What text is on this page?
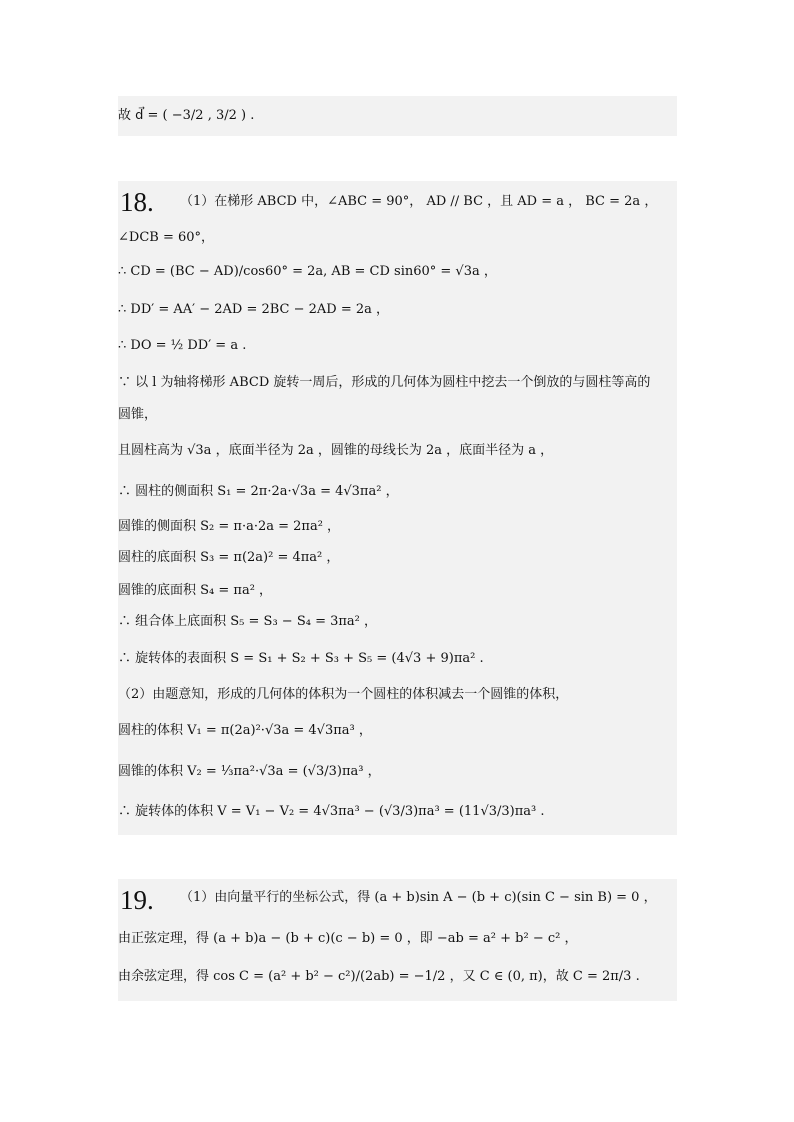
故 d⃗ = ( −3/2 , 3/2 ) .
18. （1）在梯形 ABCD 中，∠ABC = 90°， AD // BC ，且 AD = a ， BC = 2a ，
∠DCB = 60°，
∴ CD = (BC − AD)/cos60° = 2a, AB = CD sin60° = √3a ，
∴ DD′ = AA′ − 2AD = 2BC − 2AD = 2a ，
∴ DO = ½ DD′ = a .
∵ 以 l 为轴将梯形 ABCD 旋转一周后，形成的几何体为圆柱中挖去一个倒放的与圆柱等高的
圆锥，
且圆柱高为 √3a ，底面半径为 2a ，圆锥的母线长为 2a ，底面半径为 a ，
∴ 圆柱的侧面积 S₁ = 2π·2a·√3a = 4√3πa² ，
圆锥的侧面积 S₂ = π·a·2a = 2πa² ，
圆柱的底面积 S₃ = π(2a)² = 4πa² ，
圆锥的底面积 S₄ = πa² ，
∴ 组合体上底面积 S₅ = S₃ − S₄ = 3πa² ，
∴ 旋转体的表面积 S = S₁ + S₂ + S₃ + S₅ = (4√3 + 9)πa² .
（2）由题意知，形成的几何体的体积为一个圆柱的体积减去一个圆锥的体积，
圆柱的体积 V₁ = π(2a)²·√3a = 4√3πa³ ，
圆锥的体积 V₂ = ⅓πa²·√3a = (√3/3)πa³ ，
∴ 旋转体的体积 V = V₁ − V₂ = 4√3πa³ − (√3/3)πa³ = (11√3/3)πa³ .
19. （1）由向量平行的坐标公式，得 (a + b)sin A − (b + c)(sin C − sin B) = 0 ，
由正弦定理，得 (a + b)a − (b + c)(c − b) = 0 ，即 −ab = a² + b² − c² ，
由余弦定理，得 cos C = (a² + b² − c²)/(2ab) = −1/2 ，又 C ∈ (0, π)，故 C = 2π/3 .
